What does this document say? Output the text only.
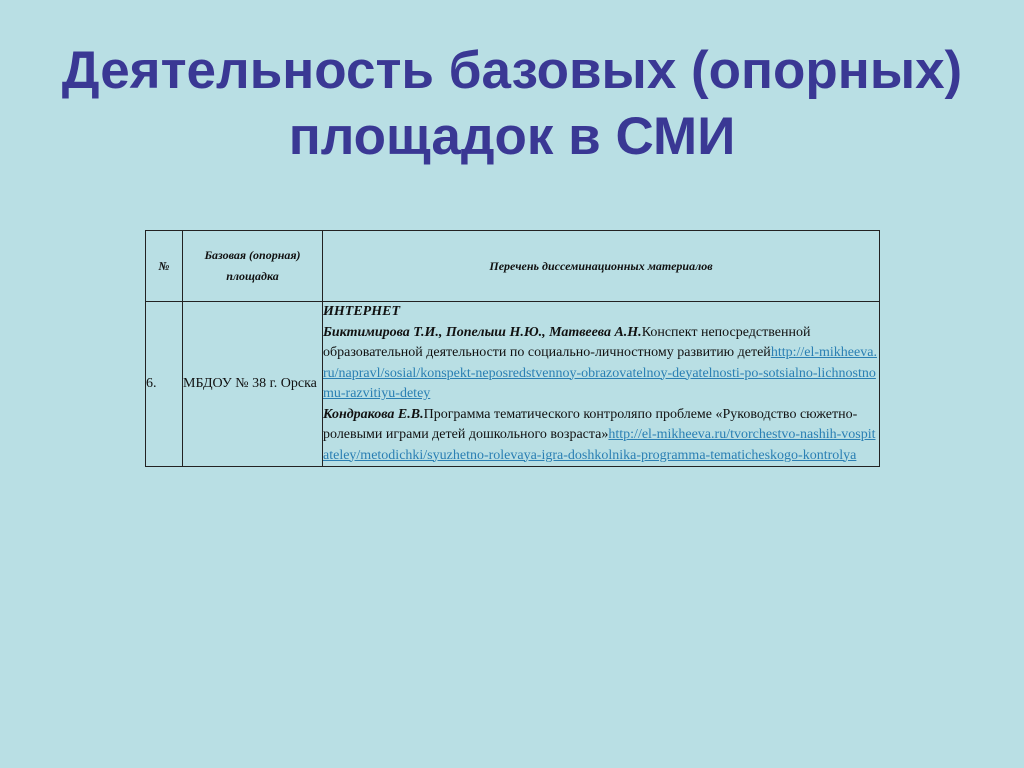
Деятельность базовых (опорных)
площадок в СМИ
№	Базовая (опорная) площадка	Перечень диссеминационных материалов
6.	МБДОУ № 38 г. Орска	ИНТЕРНЕТ
Биктимирова Т.И., Попелыш Н.Ю., Матвеева А.Н.Конспект непосредственной образовательной деятельности по социально-личностному развитию детейhttp://el-mikheeva.ru/napravl/sosial/konspekt-neposredstvennoy-obrazovatelnoy-deyatelnosti-po-sotsialno-lichnostnomu-razvitiyu-detey
Кондракова Е.В.Программа тематического контроляпо проблеме «Руководство сюжетно-ролевыми играми детей дошкольного возраста»http://el-mikheeva.ru/tvorchestvo-nashih-vospitateley/metodichki/syuzhetno-rolevaya-igra-doshkolnika-programma-tematicheskogo-kontrolya
